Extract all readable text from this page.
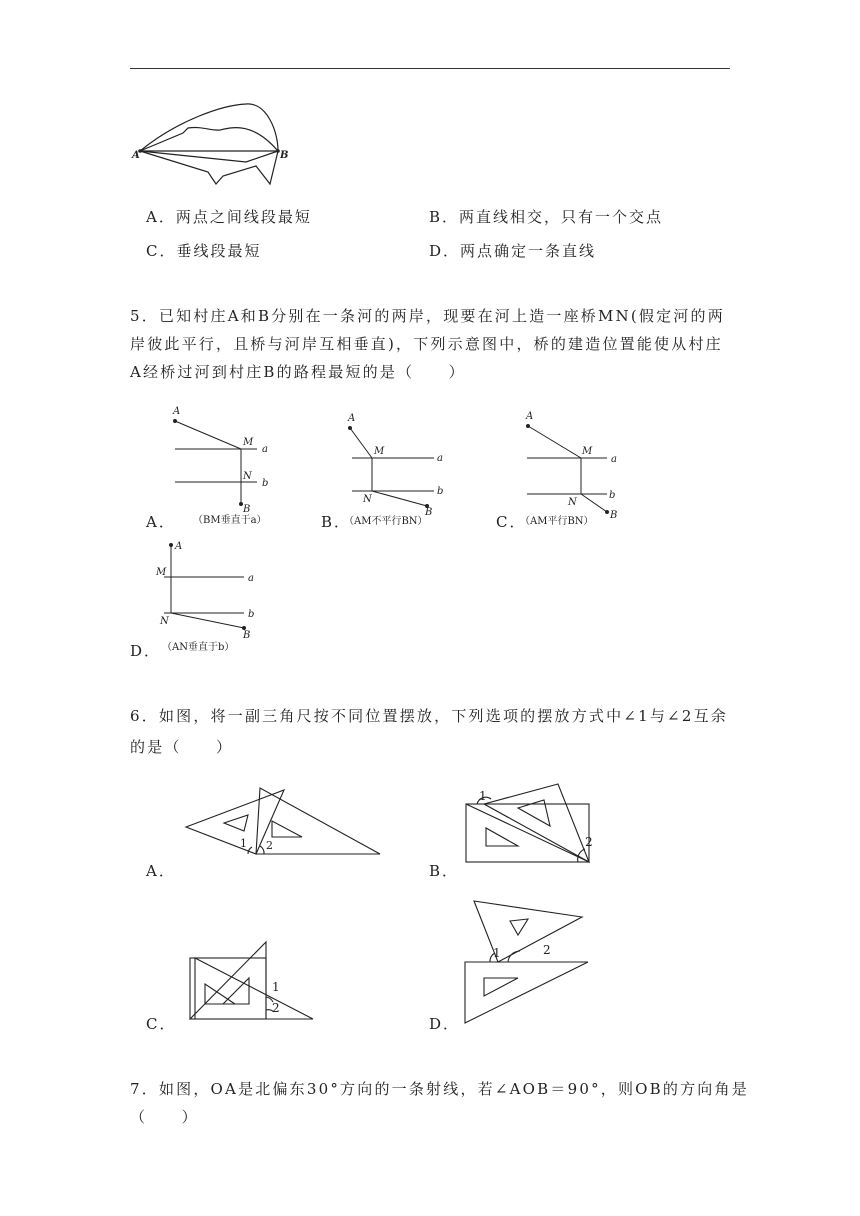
A	B
A．两点之间线段最短	B．两直线相交，只有一个交点
C．垂线段最短	D．两点确定一条直线
5．已知村庄A和B分别在一条河的两岸，现要在河上造一座桥MN(假定河的两
岸彼此平行，且桥与河岸互相垂直)，下列示意图中，桥的建造位置能使从村庄
A经桥过河到村庄B的路程最短的是（　　）
A．
A
M
a
N
b
B
（BM垂直于a）	B．
A
M
a
N
b
B
（AM不平行BN）	C．
A
M
a
N
b
B
（AM平行BN）
D．
A
M
a
N
b
B
（AN垂直于b）
6．如图，将一副三角尺按不同位置摆放，下列选项的摆放方式中∠1与∠2互余
的是（　　）
A．
1 2
B．
1
2
C．
1
2
D．
1	2
7．如图，OA是北偏东30°方向的一条射线，若∠AOB＝90°，则OB的方向角是（　　）
